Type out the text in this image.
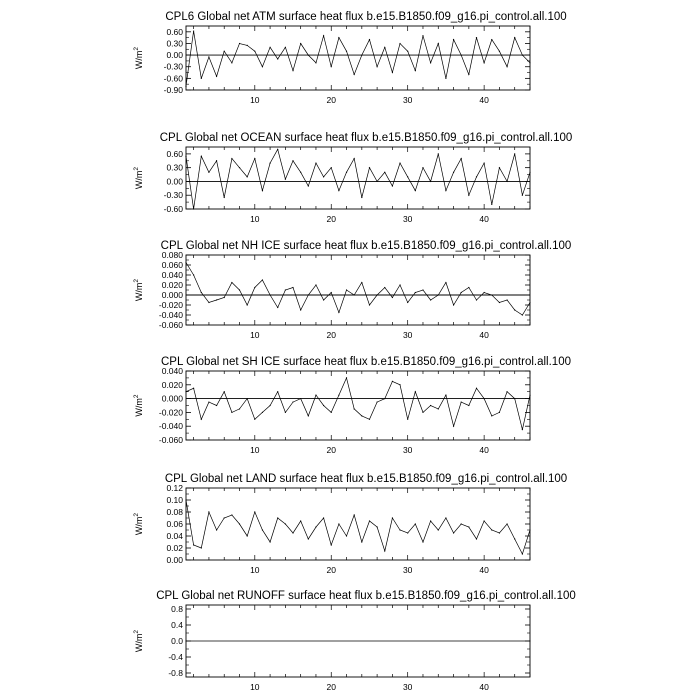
CPL6 Global net ATM surface heat flux b.e15.B1850.f09_g16.pi_control.all.100
-0.90
-0.60
-0.30
0.00
0.30
0.60
10	20	30	40
$W/m^2$
CPL Global net OCEAN surface heat flux b.e15.B1850.f09_g16.pi_control.all.100
-0.60
-0.30
0.00
0.30
0.60
10	20	30	40
$W/m^2$
CPL Global net NH ICE surface heat flux b.e15.B1850.f09_g16.pi_control.all.100
-0.060
-0.040
-0.020
0.000
0.020
0.040
0.060
0.080
10	20	30	40
$W/m^2$
CPL Global net SH ICE surface heat flux b.e15.B1850.f09_g16.pi_control.all.100
-0.060
-0.040
-0.020
0.000
0.020
0.040
10	20	30	40
$W/m^2$
CPL Global net LAND surface heat flux b.e15.B1850.f09_g16.pi_control.all.100
0.00
0.02
0.04
0.06
0.08
0.10
0.12
10	20	30	40
$W/m^2$
CPL Global net RUNOFF surface heat flux b.e15.B1850.f09_g16.pi_control.all.100
-0.8
-0.4
0.0
0.4
0.8
10	20	30	40
$W/m^2$
